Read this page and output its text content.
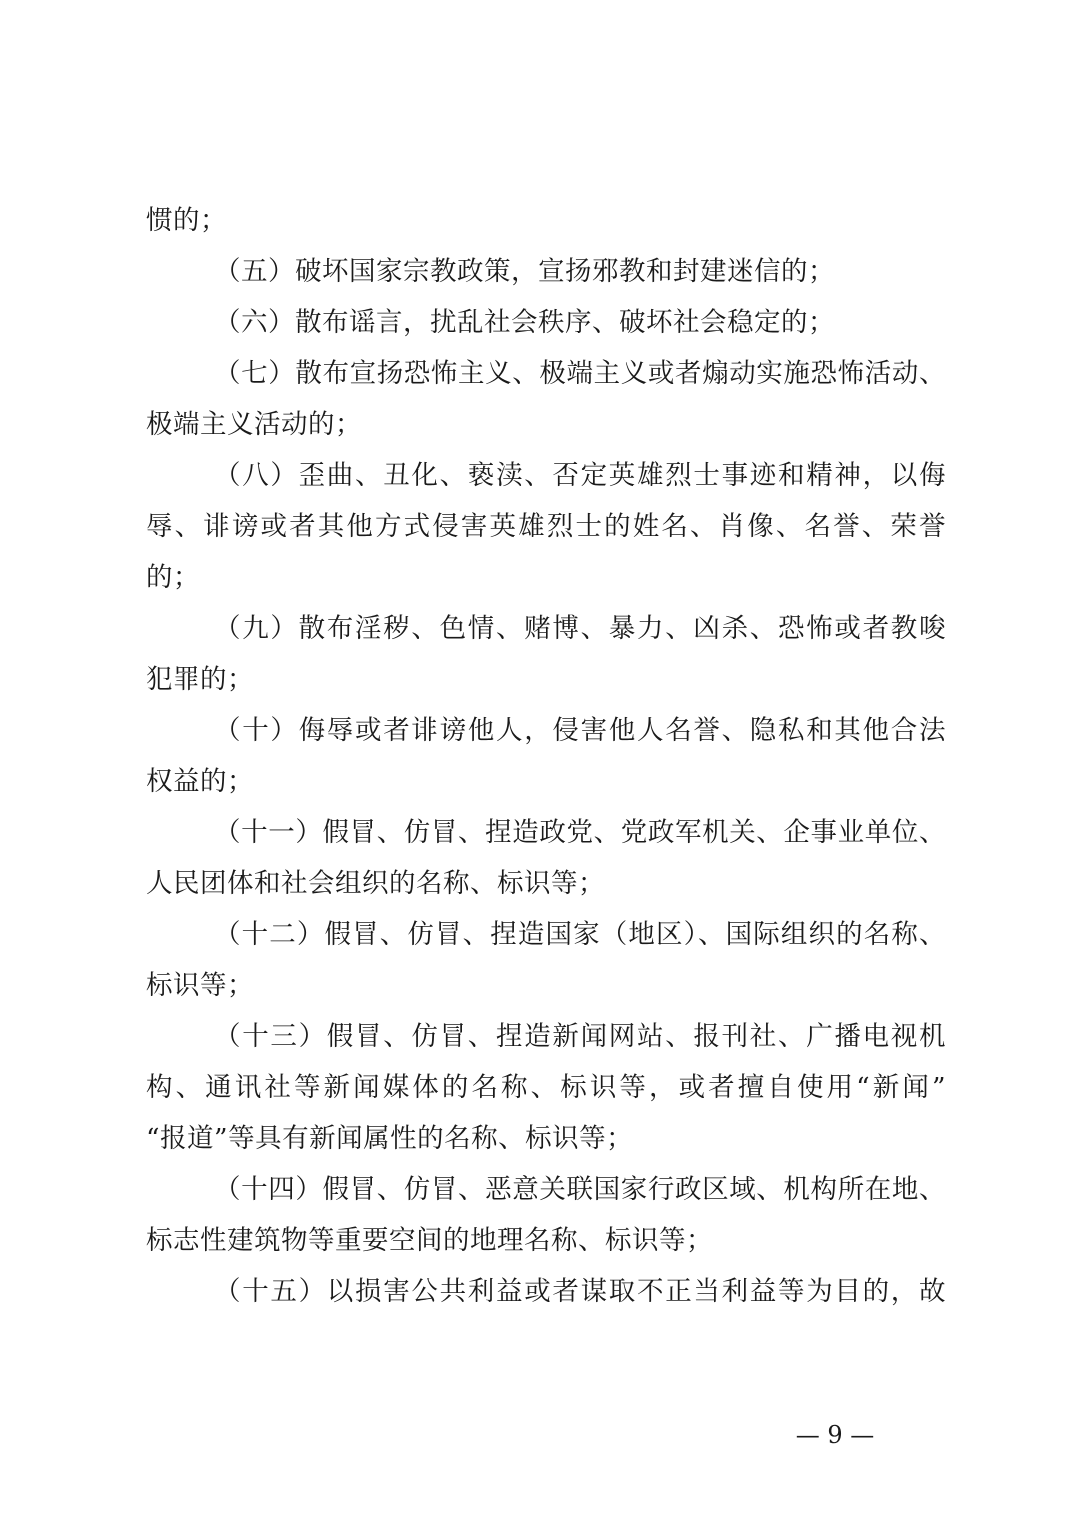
惯的；
（五）破坏国家宗教政策，宣扬邪教和封建迷信的；
（六）散布谣言，扰乱社会秩序、破坏社会稳定的；
（七）散布宣扬恐怖主义、极端主义或者煽动实施恐怖活动、
极端主义活动的；
（八）歪曲、丑化、亵渎、否定英雄烈士事迹和精神，以侮
辱、诽谤或者其他方式侵害英雄烈士的姓名、肖像、名誉、荣誉
的；
（九）散布淫秽、色情、赌博、暴力、凶杀、恐怖或者教唆
犯罪的；
（十）侮辱或者诽谤他人，侵害他人名誉、隐私和其他合法
权益的；
（十一）假冒、仿冒、捏造政党、党政军机关、企事业单位、
人民团体和社会组织的名称、标识等；
（十二）假冒、仿冒、捏造国家（地区）、国际组织的名称、
标识等；
（十三）假冒、仿冒、捏造新闻网站、报刊社、广播电视机
构、通讯社等新闻媒体的名称、标识等，或者擅自使用“新闻”
“报道”等具有新闻属性的名称、标识等；
（十四）假冒、仿冒、恶意关联国家行政区域、机构所在地、
标志性建筑物等重要空间的地理名称、标识等；
（十五）以损害公共利益或者谋取不正当利益等为目的，故
— 9 —
